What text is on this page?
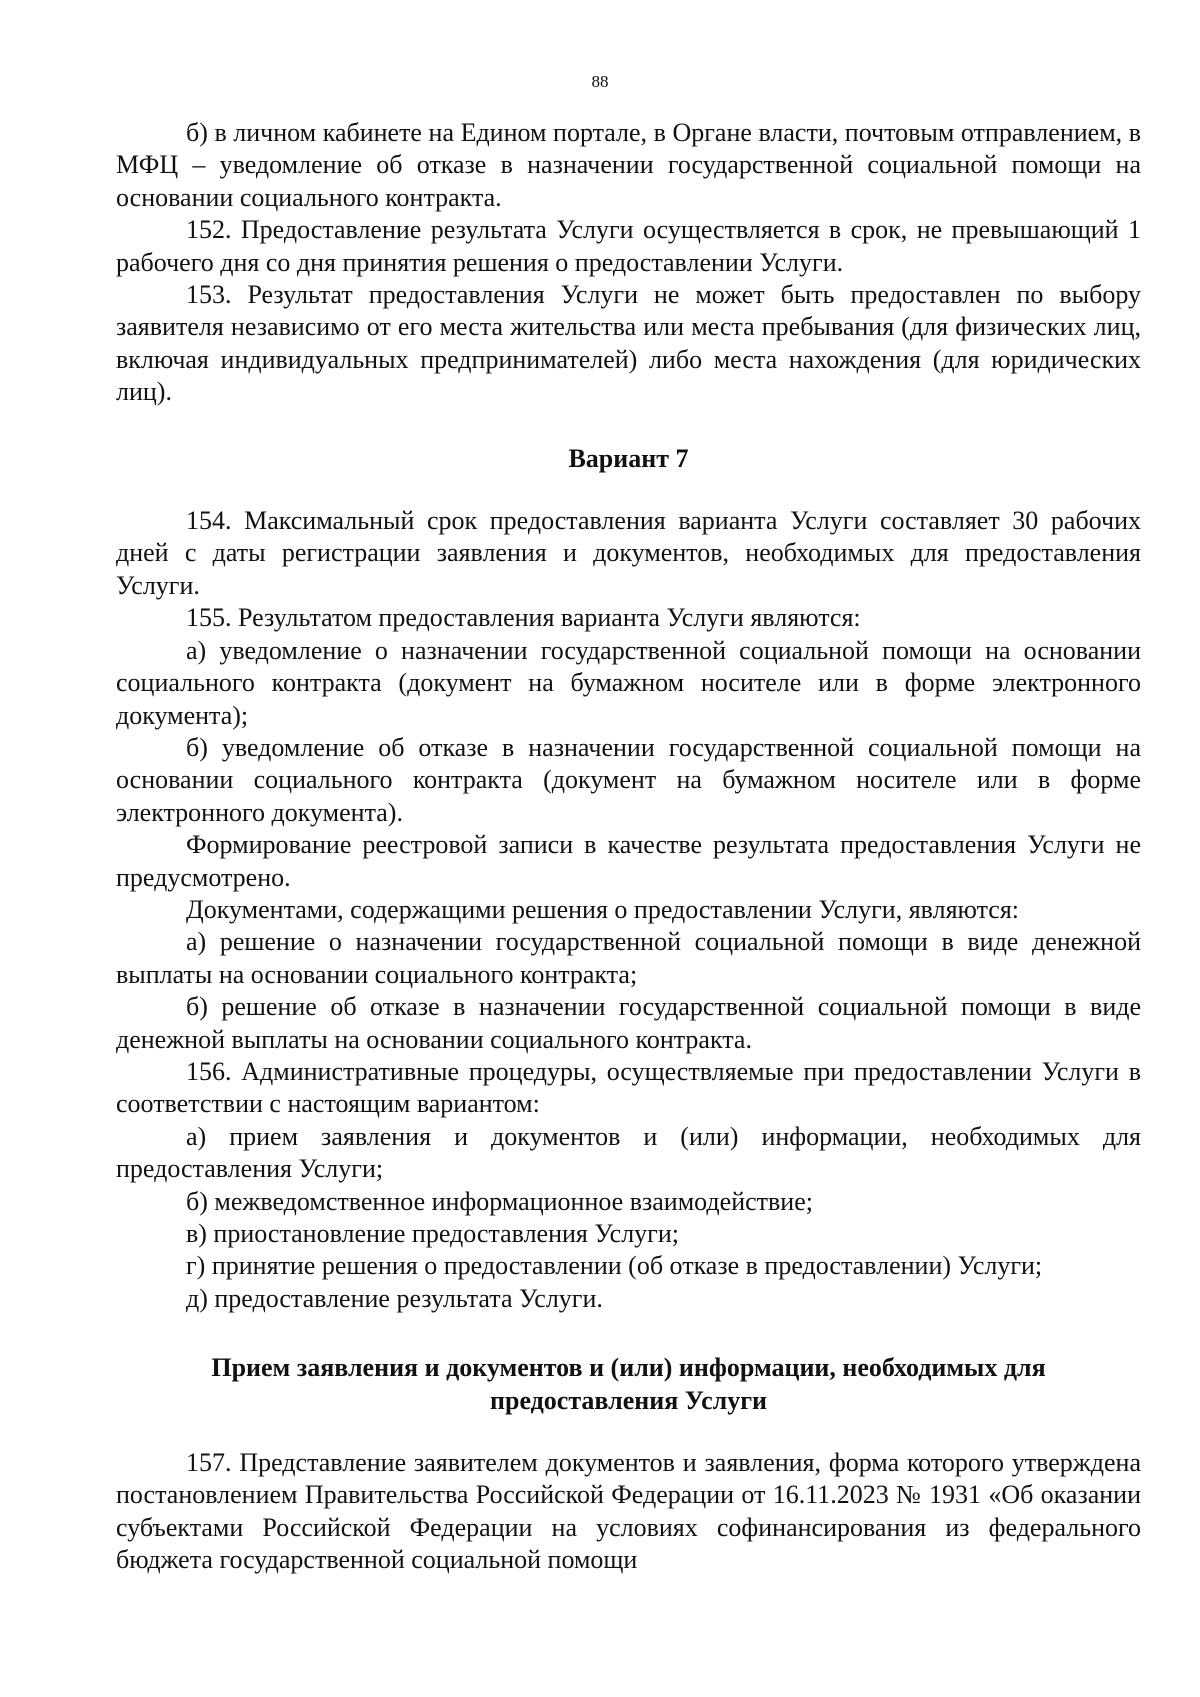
88

б) в личном кабинете на Едином портале, в Органе власти, почтовым отправлением, в МФЦ – уведомление об отказе в назначении государственной социальной помощи на основании социального контракта.

152. Предоставление результата Услуги осуществляется в срок, не превышающий 1 рабочего дня со дня принятия решения о предоставлении Услуги.

153. Результат предоставления Услуги не может быть предоставлен по выбору заявителя независимо от его места жительства или места пребывания (для физических лиц, включая индивидуальных предпринимателей) либо места нахождения (для юридических лиц).

Вариант 7

154. Максимальный срок предоставления варианта Услуги составляет 30 рабочих дней с даты регистрации заявления и документов, необходимых для предоставления Услуги.

155. Результатом предоставления варианта Услуги являются:

а) уведомление о назначении государственной социальной помощи на основании социального контракта (документ на бумажном носителе или в форме электронного документа);

б) уведомление об отказе в назначении государственной социальной помощи на основании социального контракта (документ на бумажном носителе или в форме электронного документа).

Формирование реестровой записи в качестве результата предоставления Услуги не предусмотрено.

Документами, содержащими решения о предоставлении Услуги, являются:

а) решение о назначении государственной социальной помощи в виде денежной выплаты на основании социального контракта;

б) решение об отказе в назначении государственной социальной помощи в виде денежной выплаты на основании социального контракта.

156. Административные процедуры, осуществляемые при предоставлении Услуги в соответствии с настоящим вариантом:

а) прием заявления и документов и (или) информации, необходимых для предоставления Услуги;

б) межведомственное информационное взаимодействие;

в) приостановление предоставления Услуги;

г) принятие решения о предоставлении (об отказе в предоставлении) Услуги;

д) предоставление результата Услуги.

Прием заявления и документов и (или) информации, необходимых для предоставления Услуги

157. Представление заявителем документов и заявления, форма которого утверждена постановлением Правительства Российской Федерации от 16.11.2023 № 1931 «Об оказании субъектами Российской Федерации на условиях софинансирования из федерального бюджета государственной социальной помощи
